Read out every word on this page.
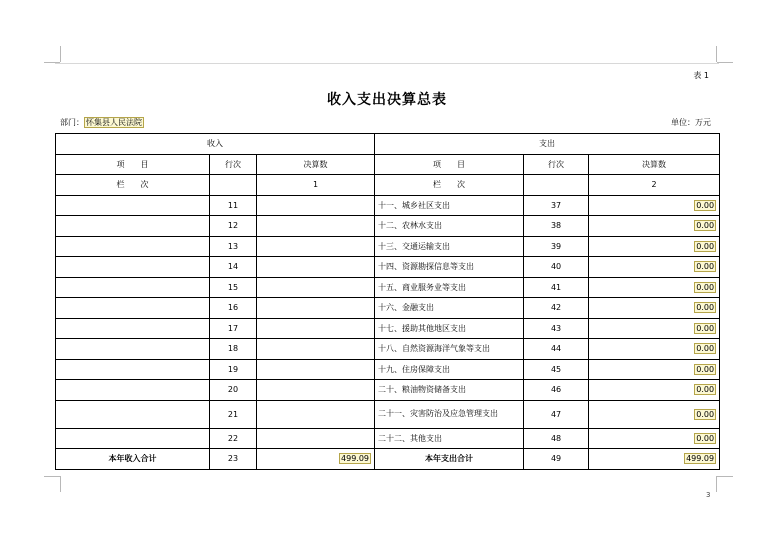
表 1
收入支出决算总表
部门： 怀集县人民法院	单位：万元
收入			支出		
项　　目	行次	决算数	项　　目	行次	决算数
栏　　次		1	栏　　次		2
	11		十一、城乡社区支出	37	0.00
	12		十二、农林水支出	38	0.00
	13		十三、交通运输支出	39	0.00
	14		十四、资源勘探信息等支出	40	0.00
	15		十五、商业服务业等支出	41	0.00
	16		十六、金融支出	42	0.00
	17		十七、援助其他地区支出	43	0.00
	18		十八、自然资源海洋气象等支出	44	0.00
	19		十九、住房保障支出	45	0.00
	20		二十、粮油物资储备支出	46	0.00
	21		二十一、灾害防治及应急管理支出	47	0.00
	22		二十二、其他支出	48	0.00
本年收入合计	23	499.09	本年支出合计	49	499.09
3
